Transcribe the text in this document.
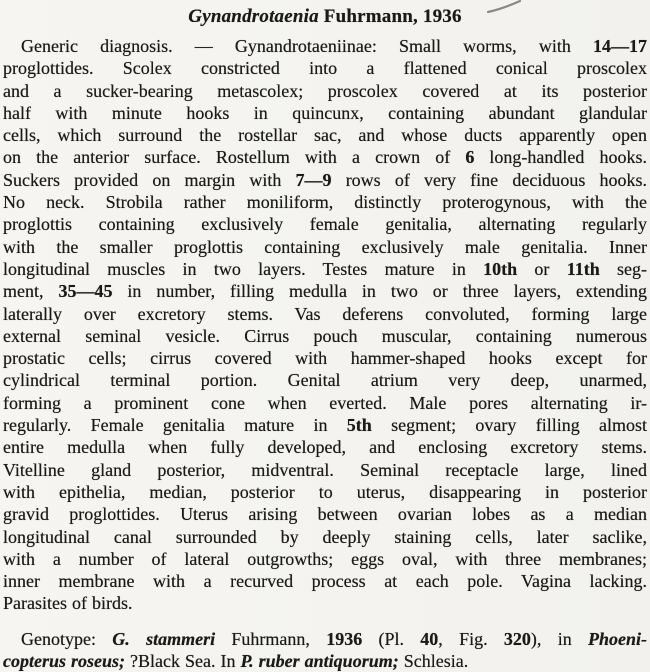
Gynandrotaenia Fuhrmann, 1936
Generic diagnosis. — Gynandrotaeniinae: Small worms, with 14—17
proglottides. Scolex constricted into a flattened conical proscolex
and a sucker-bearing metascolex; proscolex covered at its posterior
half with minute hooks in quincunx, containing abundant glandular
cells, which surround the rostellar sac, and whose ducts apparently open
on the anterior surface. Rostellum with a crown of 6 long-handled hooks.
Suckers provided on margin with 7—9 rows of very fine deciduous hooks.
No neck. Strobila rather moniliform, distinctly proterogynous, with the
proglottis containing exclusively female genitalia, alternating regularly
with the smaller proglottis containing exclusively male genitalia. Inner
longitudinal muscles in two layers. Testes mature in 10th or 11th seg-
ment, 35—45 in number, filling medulla in two or three layers, extending
laterally over excretory stems. Vas deferens convoluted, forming large
external seminal vesicle. Cirrus pouch muscular, containing numerous
prostatic cells; cirrus covered with hammer-shaped hooks except for
cylindrical terminal portion. Genital atrium very deep, unarmed,
forming a prominent cone when everted. Male pores alternating ir-
regularly. Female genitalia mature in 5th segment; ovary filling almost
entire medulla when fully developed, and enclosing excretory stems.
Vitelline gland posterior, midventral. Seminal receptacle large, lined
with epithelia, median, posterior to uterus, disappearing in posterior
gravid proglottides. Uterus arising between ovarian lobes as a median
longitudinal canal surrounded by deeply staining cells, later saclike,
with a number of lateral outgrowths; eggs oval, with three membranes;
inner membrane with a recurved process at each pole. Vagina lacking.
Parasites of birds.
Genotype: G. stammeri Fuhrmann, 1936 (Pl. 40, Fig. 320), in Phoeni-
copterus roseus; ?Black Sea. In P. ruber antiquorum; Schlesia.
